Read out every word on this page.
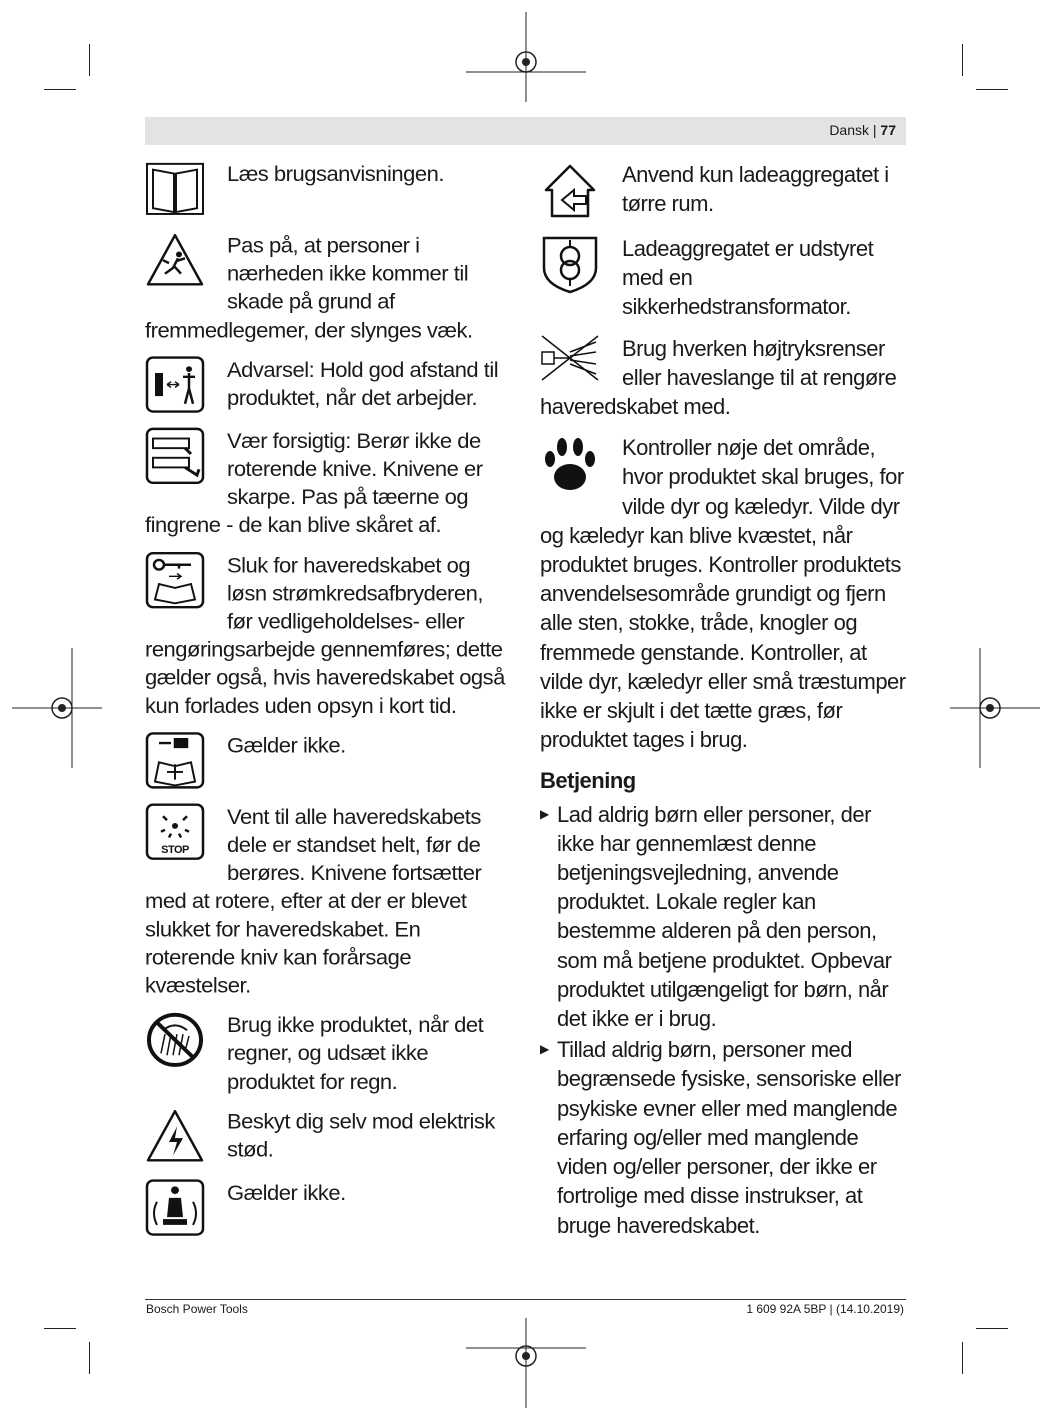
Dansk | 77

Læs brugsanvisningen.

Pas på, at personer i nærheden ikke kommer til skade på grund af fremmedlegemer, der slynges væk.

Advarsel: Hold god afstand til produktet, når det arbejder.

Vær forsigtig: Berør ikke de roterende knive. Knivene er skarpe. Pas på tæerne og fingrene - de kan blive skåret af.

Sluk for haveredskabet og løsn strømkredsafbryderen, før vedligeholdelses- eller rengøringsarbejde gennemføres; dette gælder også, hvis haveredskabet også kun forlades uden opsyn i kort tid.

Gælder ikke.

STOP

Vent til alle haveredskabets dele er standset helt, før de berøres. Knivene fortsætter med at rotere, efter at der er blevet slukket for haveredskabet. En roterende kniv kan forårsage kvæstelser.

Brug ikke produktet, når det regner, og udsæt ikke produktet for regn.

Beskyt dig selv mod elektrisk stød.

Gælder ikke.

Anvend kun ladeaggregatet i tørre rum.

Ladeaggregatet er udstyret med en sikkerhedstransformator.

Brug hverken højtryksrenser eller haveslange til at rengøre haveredskabet med.

Kontroller nøje det område, hvor produktet skal bruges, for vilde dyr og kæledyr. Vilde dyr og kæledyr kan blive kvæstet, når produktet bruges. Kontroller produktets anvendelsesområde grundigt og fjern alle sten, stokke, tråde, knogler og fremmede genstande. Kontroller, at vilde dyr, kæledyr eller små træstumper ikke er skjult i det tætte græs, før produktet tages i brug.

Betjening
▶ Lad aldrig børn eller personer, der ikke har gennemlæst denne betjeningsvejledning, anvende produktet. Lokale regler kan bestemme alderen på den person, som må betjene produktet. Opbevar produktet utilgængeligt for børn, når det ikke er i brug.
▶ Tillad aldrig børn, personer med begrænsede fysiske, sensoriske eller psykiske evner eller med manglende erfaring og/eller med manglende viden og/eller personer, der ikke er fortrolige med disse instrukser, at bruge haveredskabet.
Bosch Power Tools	1 609 92A 5BP | (14.10.2019)
